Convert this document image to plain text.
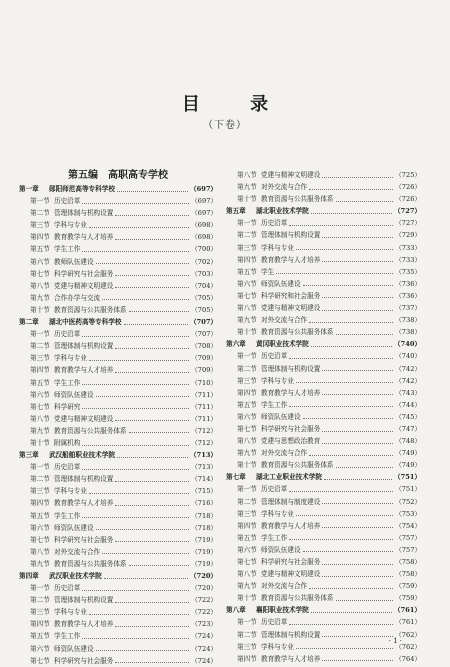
目 录
（下卷）
第五编　高职高专学校
第一章 郧阳师范高等专科学校	（697）
第一节 历史沿革	（697）
第二节 管理体制与机构设置	（697）
第三节 学科与专业	（698）
第四节 教育教学与人才培养	（698）
第五节 学生工作	（700）
第六节 教师队伍建设	（702）
第七节 科学研究与社会服务	（703）
第八节 党建与精神文明建设	（704）
第九节 合作办学与交流	（705）
第十节 教育资源与公共服务体系	（705）
第二章 湖北中医药高等专科学校	（707）
第一节 历史沿革	（707）
第二节 管理体制与机构设置	（708）
第三节 学科与专业	（709）
第四节 教育教学与人才培养	（709）
第五节 学生工作	（710）
第六节 师资队伍建设	（711）
第七节 科学研究	（711）
第八节 党建与精神文明建设	（711）
第九节 教育资源与公共服务体系	（712）
第十节 附属机构	（712）
第三章 武汉船舶职业技术学院	（713）
第一节 历史沿革	（713）
第二节 管理体制与机构设置	（714）
第三节 学科与专业	（715）
第四节 教育教学与人才培养	（716）
第五节 学生工作	（718）
第六节 师资队伍建设	（718）
第七节 科学研究与社会服务	（719）
第八节 对外交流与合作	（719）
第九节 教育资源与公共服务体系	（719）
第四章 武汉职业技术学院	（720）
第一节 历史沿革	（720）
第二节 管理体制与机构设置	（722）
第三节 学科与专业	（722）
第四节 教育教学与人才培养	（723）
第五节 学生工作	（724）
第六节 师资队伍建设	（724）
第七节 科学研究与社会服务	（724）
第八节 党建与精神文明建设	（725）
第九节 对外交流与合作	（726）
第十节 教育资源与公共服务体系	（726）
第五章 湖北职业技术学院	（727）
第一节 历史沿革	（727）
第二节 管理体制与机构设置	（729）
第三节 学科与专业	（733）
第四节 教育教学与人才培养	（733）
第五节 学生	（735）
第六节 师资队伍建设	（736）
第七节 科学研究和社会服务	（736）
第八节 党建与精神文明建设	（737）
第九节 对外交流与合作	（738）
第十节 教育资源与公共服务体系	（738）
第六章 黄冈职业技术学院	（740）
第一节 历史沿革	（740）
第二节 管理体制与机构设置	（742）
第三节 学科与专业	（742）
第四节 教育教学与人才培养	（743）
第五节 学生工作	（744）
第六节 师资队伍建设	（745）
第七节 科学研究与社会服务	（747）
第八节 党建与思想政治教育	（748）
第九节 对外交流与合作	（749）
第十节 教育资源与公共服务体系	（749）
第七章 湖北工业职业技术学院	（751）
第一节 历史沿革	（751）
第二节 管理体制与制度建设	（752）
第三节 学科与专业	（753）
第四节 教育教学与人才培养	（754）
第五节 学生工作	（757）
第六节 师资队伍建设	（757）
第七节 科学研究与社会服务	（758）
第八节 党建与精神文明建设	（758）
第九节 对外交流与合作	（759）
第十节 教育资源与公共服务体系	（759）
第八章 襄阳职业技术学院	（761）
第一节 历史沿革	（761）
第二节 管理体制与机构设置	（762）
第三节 学科与专业	（762）
第四节 教育教学与人才培养	（764）
· 1 ·
